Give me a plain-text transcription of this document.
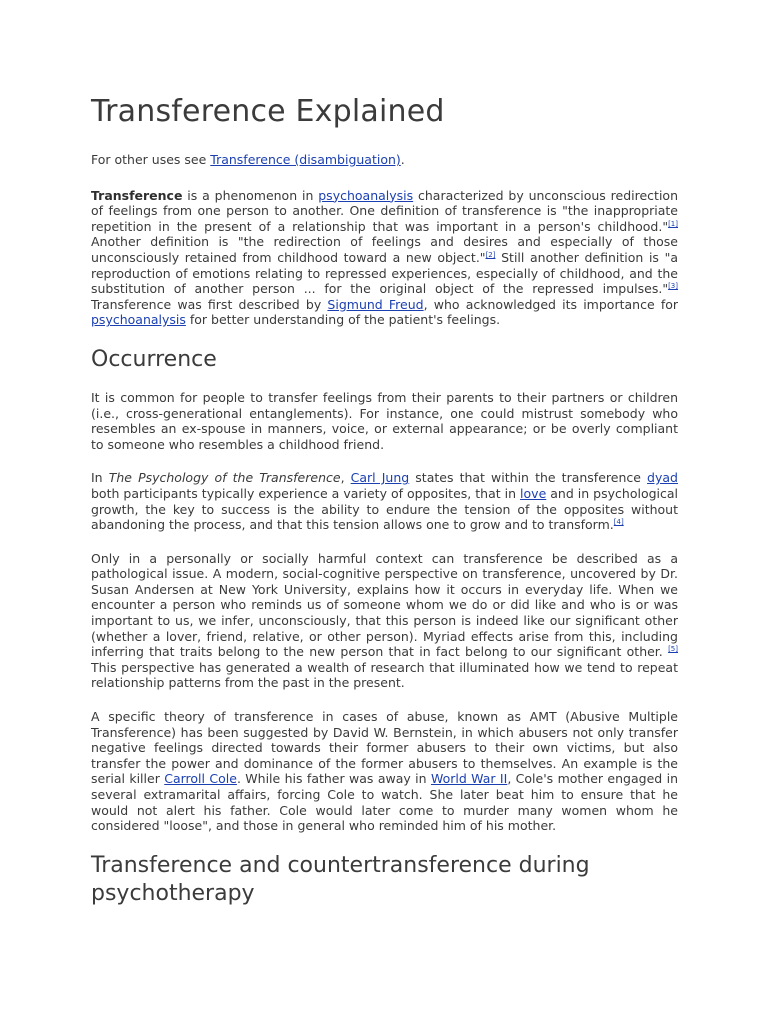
Transference Explained

For other uses see Transference (disambiguation).

Transference is a phenomenon in psychoanalysis characterized by unconscious redirection of feelings from one person to another. One definition of transference is "the inappropriate repetition in the present of a relationship that was important in a person's childhood."[1] Another definition is "the redirection of feelings and desires and especially of those unconsciously retained from childhood toward a new object."[2] Still another definition is "a reproduction of emotions relating to repressed experiences, especially of childhood, and the substitution of another person ... for the original object of the repressed impulses."[3] Transference was first described by Sigmund Freud, who acknowledged its importance for psychoanalysis for better understanding of the patient's feelings.

Occurrence

It is common for people to transfer feelings from their parents to their partners or children (i.e., cross-generational entanglements). For instance, one could mistrust somebody who resembles an ex-spouse in manners, voice, or external appearance; or be overly compliant to someone who resembles a childhood friend.

In The Psychology of the Transference, Carl Jung states that within the transference dyad both participants typically experience a variety of opposites, that in love and in psychological growth, the key to success is the ability to endure the tension of the opposites without abandoning the process, and that this tension allows one to grow and to transform.[4]

Only in a personally or socially harmful context can transference be described as a pathological issue. A modern, social-cognitive perspective on transference, uncovered by Dr. Susan Andersen at New York University, explains how it occurs in everyday life. When we encounter a person who reminds us of someone whom we do or did like and who is or was important to us, we infer, unconsciously, that this person is indeed like our significant other (whether a lover, friend, relative, or other person). Myriad effects arise from this, including inferring that traits belong to the new person that in fact belong to our significant other. [5] This perspective has generated a wealth of research that illuminated how we tend to repeat relationship patterns from the past in the present.

A specific theory of transference in cases of abuse, known as AMT (Abusive Multiple Transference) has been suggested by David W. Bernstein, in which abusers not only transfer negative feelings directed towards their former abusers to their own victims, but also transfer the power and dominance of the former abusers to themselves. An example is the serial killer Carroll Cole. While his father was away in World War II, Cole's mother engaged in several extramarital affairs, forcing Cole to watch. She later beat him to ensure that he would not alert his father. Cole would later come to murder many women whom he considered "loose", and those in general who reminded him of his mother.

Transference and countertransference during psychotherapy
